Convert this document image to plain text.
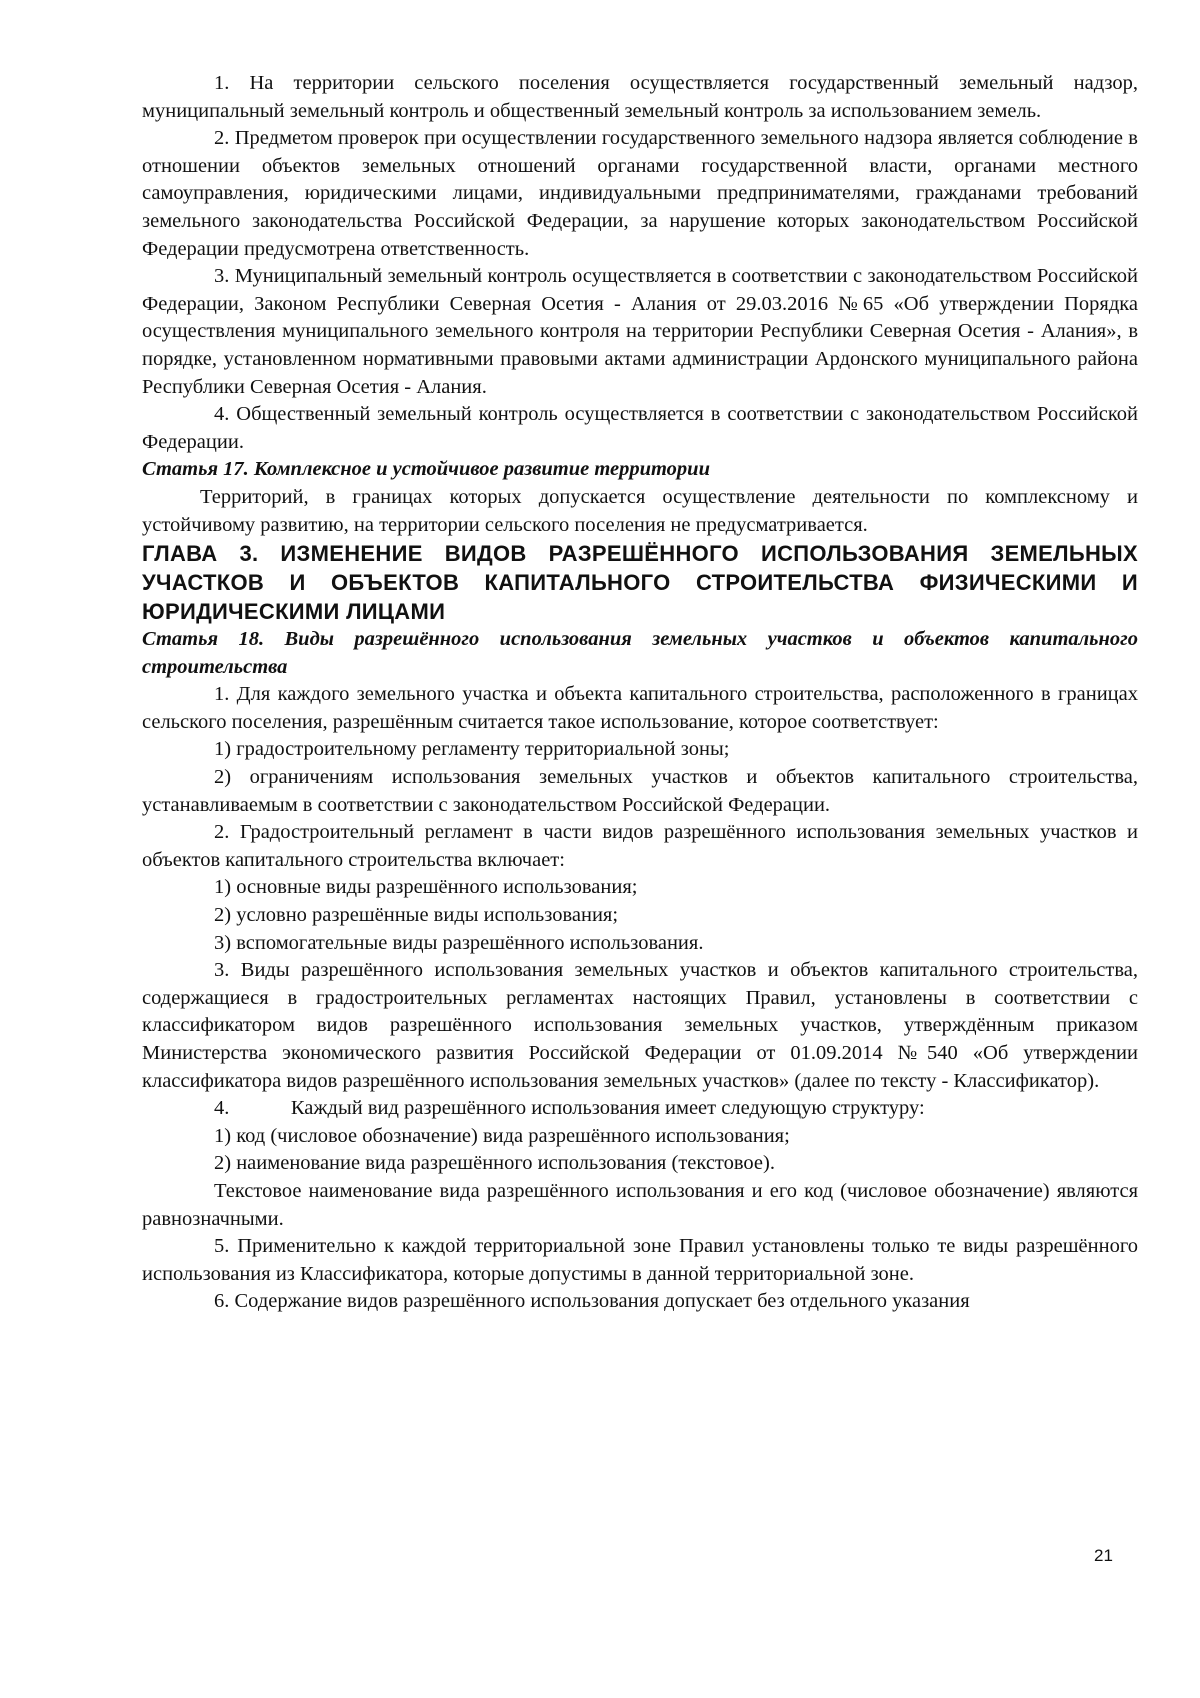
1. На территории сельского поселения осуществляется государственный земельный надзор, муниципальный земельный контроль и общественный земельный контроль за использованием земель.

2. Предметом проверок при осуществлении государственного земельного надзора является соблюдение в отношении объектов земельных отношений органами государственной власти, органами местного самоуправления, юридическими лицами, индивидуальными предпринимателями, гражданами требований земельного законодательства Российской Федерации, за нарушение которых законодательством Российской Федерации предусмотрена ответственность.

3. Муниципальный земельный контроль осуществляется в соответствии с законодательством Российской Федерации, Законом Республики Северная Осетия - Алания от 29.03.2016 №65 «Об утверждении Порядка осуществления муниципального земельного контроля на территории Республики Северная Осетия - Алания», в порядке, установленном нормативными правовыми актами администрации Ардонского муниципального района Республики Северная Осетия - Алания.

4. Общественный земельный контроль осуществляется в соответствии с законодательством Российской Федерации.

Статья 17. Комплексное и устойчивое развитие территории

Территорий, в границах которых допускается осуществление деятельности по комплексному и устойчивому развитию, на территории сельского поселения не предусматривается.

ГЛАВА 3. ИЗМЕНЕНИЕ ВИДОВ РАЗРЕШЁННОГО ИСПОЛЬЗОВАНИЯ ЗЕМЕЛЬНЫХ УЧАСТКОВ И ОБЪЕКТОВ КАПИТАЛЬНОГО СТРОИТЕЛЬСТВА ФИЗИЧЕСКИМИ И ЮРИДИЧЕСКИМИ ЛИЦАМИ

Статья 18. Виды разрешённого использования земельных участков и объектов капитального строительства

1. Для каждого земельного участка и объекта капитального строительства, расположенного в границах сельского поселения, разрешённым считается такое использование, которое соответствует:

1) градостроительному регламенту территориальной зоны;

2) ограничениям использования земельных участков и объектов капитального строительства, устанавливаемым в соответствии с законодательством Российской Федерации.

2. Градостроительный регламент в части видов разрешённого использования земельных участков и объектов капитального строительства включает:

1) основные виды разрешённого использования;

2) условно разрешённые виды использования;

3) вспомогательные виды разрешённого использования.

3. Виды разрешённого использования земельных участков и объектов капитального строительства, содержащиеся в градостроительных регламентах настоящих Правил, установлены в соответствии с классификатором видов разрешённого использования земельных участков, утверждённым приказом Министерства экономического развития Российской Федерации от 01.09.2014 №540 «Об утверждении классификатора видов разрешённого использования земельных участков» (далее по тексту - Классификатор).

4.            Каждый вид разрешённого использования имеет следующую структуру:

1) код (числовое обозначение) вида разрешённого использования;

2) наименование вида разрешённого использования (текстовое).

Текстовое наименование вида разрешённого использования и его код (числовое обозначение) являются равнозначными.

5. Применительно к каждой территориальной зоне Правил установлены только те виды разрешённого использования из Классификатора, которые допустимы в данной территориальной зоне.

6. Содержание видов разрешённого использования допускает без отдельного указания

21
